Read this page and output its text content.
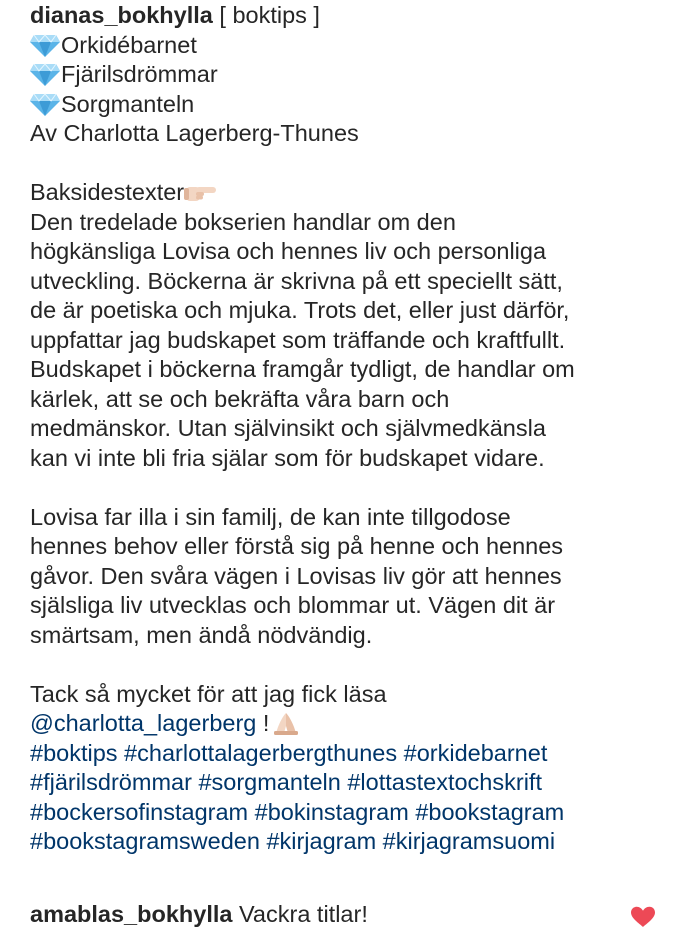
dianas_bokhylla [ boktips ]
Orkidébarnet
Fjärilsdrömmar
Sorgmanteln
Av Charlotta Lagerberg-Thunes
Baksidestexter
Den tredelade bokserien handlar om den
högkänsliga Lovisa och hennes liv och personliga
utveckling. Böckerna är skrivna på ett speciellt sätt,
de är poetiska och mjuka. Trots det, eller just därför,
uppfattar jag budskapet som träffande och kraftfullt.
Budskapet i böckerna framgår tydligt, de handlar om
kärlek, att se och bekräfta våra barn och
medmänskor. Utan självinsikt och självmedkänsla
kan vi inte bli fria själar som för budskapet vidare.
Lovisa far illa i sin familj, de kan inte tillgodose
hennes behov eller förstå sig på henne och hennes
gåvor. Den svåra vägen i Lovisas liv gör att hennes
själsliga liv utvecklas och blommar ut. Vägen dit är
smärtsam, men ändå nödvändig.
Tack så mycket för att jag fick läsa
@charlotta_lagerberg !
#boktips #charlottalagerbergthunes #orkidebarnet
#fjärilsdrömmar #sorgmanteln #lottastextochskrift
#bockersofinstagram #bokinstagram #bookstagram
#bookstagramsweden #kirjagram #kirjagramsuomi
amablas_bokhylla Vackra titlar!
